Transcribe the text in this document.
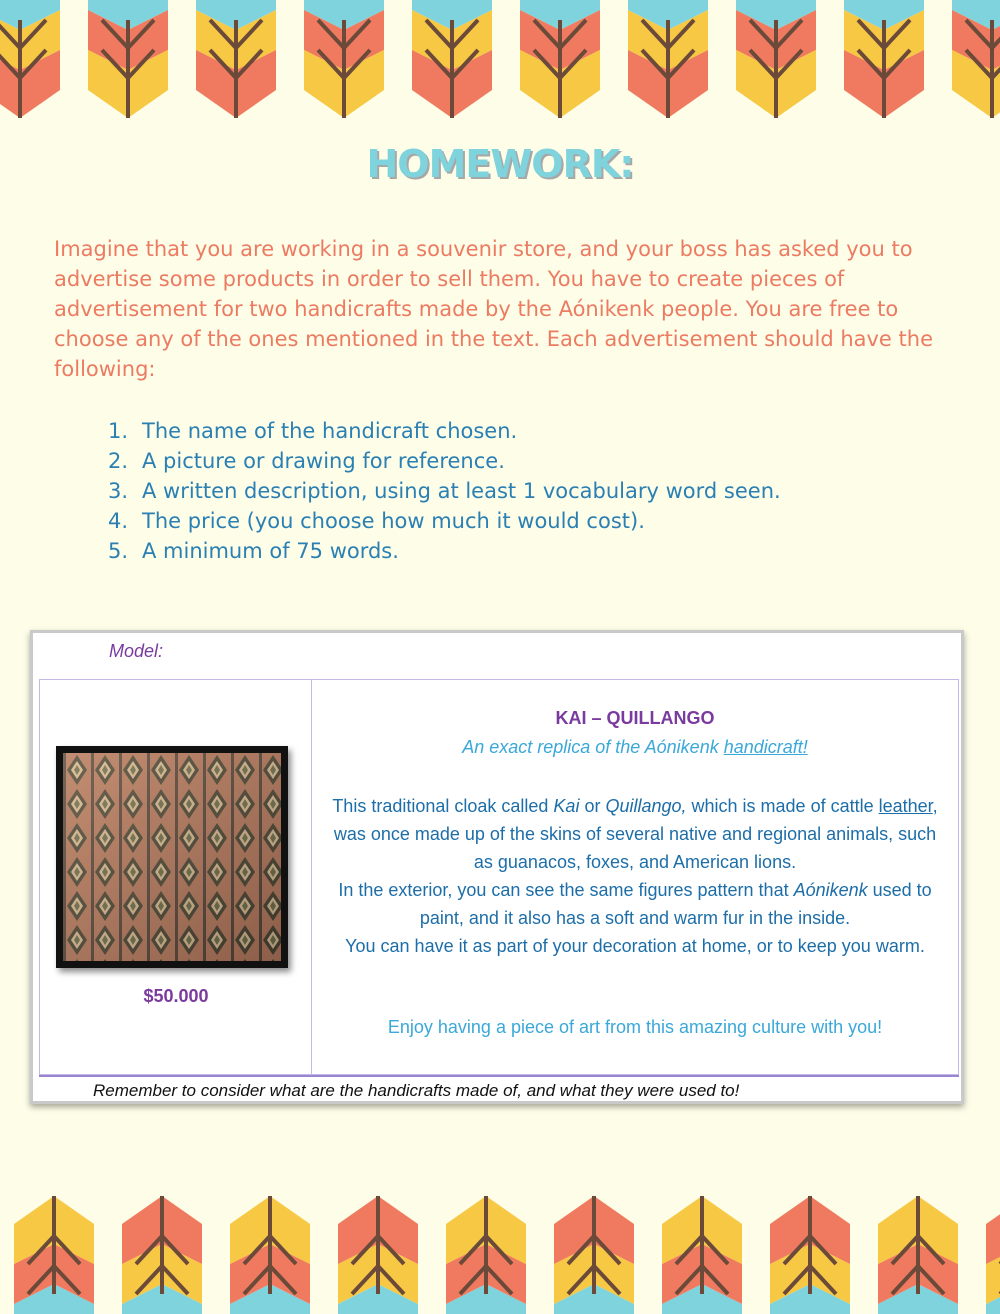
HOMEWORK:
Imagine that you are working in a souvenir store, and your boss has asked you to advertise some products in order to sell them. You have to create pieces of advertisement for two handicrafts made by the Aónikenk people. You are free to choose any of the ones mentioned in the text. Each advertisement should have the following:
1. The name of the handicraft chosen.
2. A picture or drawing for reference.
3. A written description, using at least 1 vocabulary word seen.
4. The price (you choose how much it would cost).
5. A minimum of 75 words.
Model:
$50.000
KAI – QUILLANGO
An exact replica of the Aónikenk handicraft!
This traditional cloak called Kai or Quillango, which is made of cattle leather, was once made up of the skins of several native and regional animals, such as guanacos, foxes, and American lions.
In the exterior, you can see the same figures pattern that Aónikenk used to paint, and it also has a soft and warm fur in the inside.
You can have it as part of your decoration at home, or to keep you warm.
Enjoy having a piece of art from this amazing culture with you!
Remember to consider what are the handicrafts made of, and what they were used to!
